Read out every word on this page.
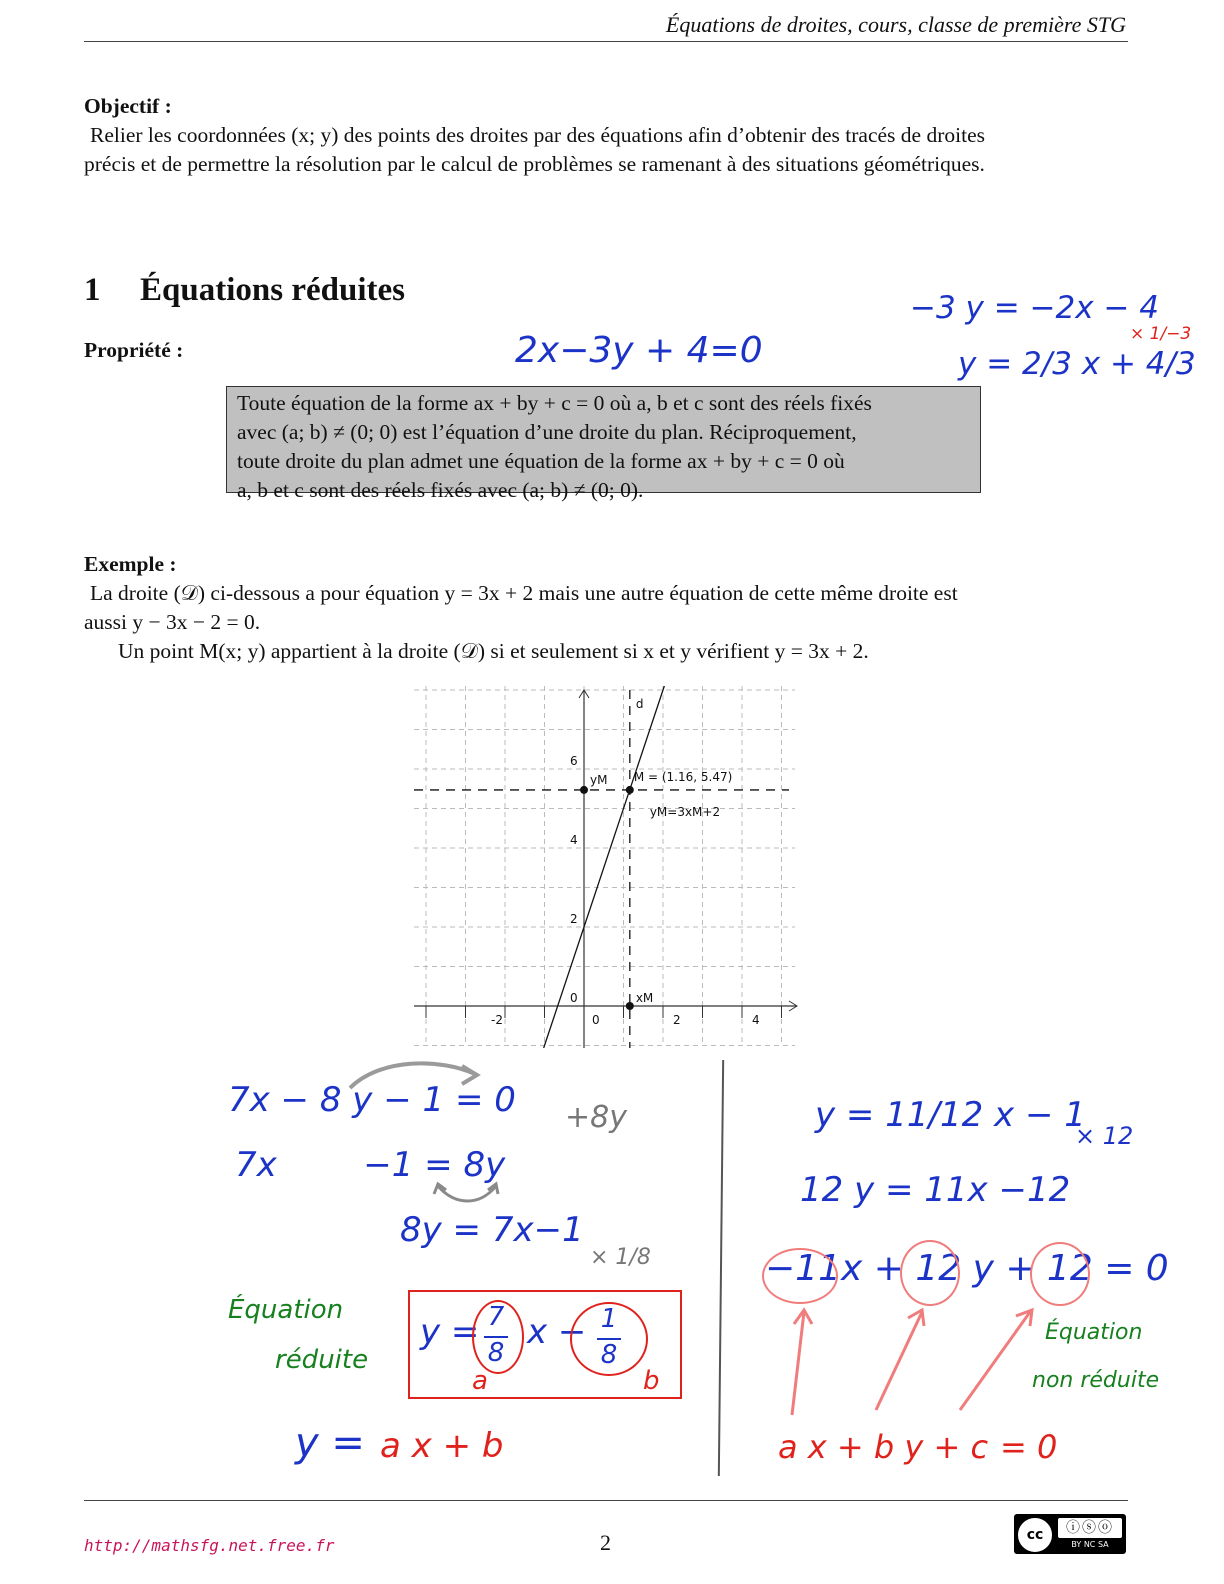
Équations de droites, cours, classe de première STG
Objectif :
Relier les coordonnées (x; y) des points des droites par des équations afin d’obtenir des tracés de droites
précis et de permettre la résolution par le calcul de problèmes se ramenant à des situations géométriques.
1 Équations réduites
Propriété :
Toute équation de la forme ax + by + c = 0 où a, b et c sont des réels fixés
avec (a; b) ≠ (0; 0) est l’équation d’une droite du plan. Réciproquement,
toute droite du plan admet une équation de la forme ax + by + c = 0 où
a, b et c sont des réels fixés avec (a; b) ≠ (0; 0).
Exemple :
La droite (𝒟) ci-dessous a pour équation y = 3x + 2 mais une autre équation de cette même droite est
aussi y − 3x − 2 = 0.
Un point M(x; y) appartient à la droite (𝒟) si et seulement si x et y vérifient y = 3x + 2.
d
M = (1.16, 5.47)
yM
xM
yM=3xM+2
0
2
4
6
-2	0	2	4
2x−3y + 4=0
−3 y = −2x − 4
y = 2/3 x + 4/3
× 1/−3
7x − 8 y − 1 = 0 +8y
7x        −1 = 8y
8y = 7x−1
× 1/8
Équation
réduite
y = 7
8
x − 1
8
a	b
y = a x + b
y = 11/12 x − 1
× 12
12 y = 11x −12
−11x + 12 y + 12 = 0
Équation
non réduite
a x + b y + c = 0
http://mathsfg.net.free.fr	2	cc	ⓘⓢⓞ
BY NC SA
